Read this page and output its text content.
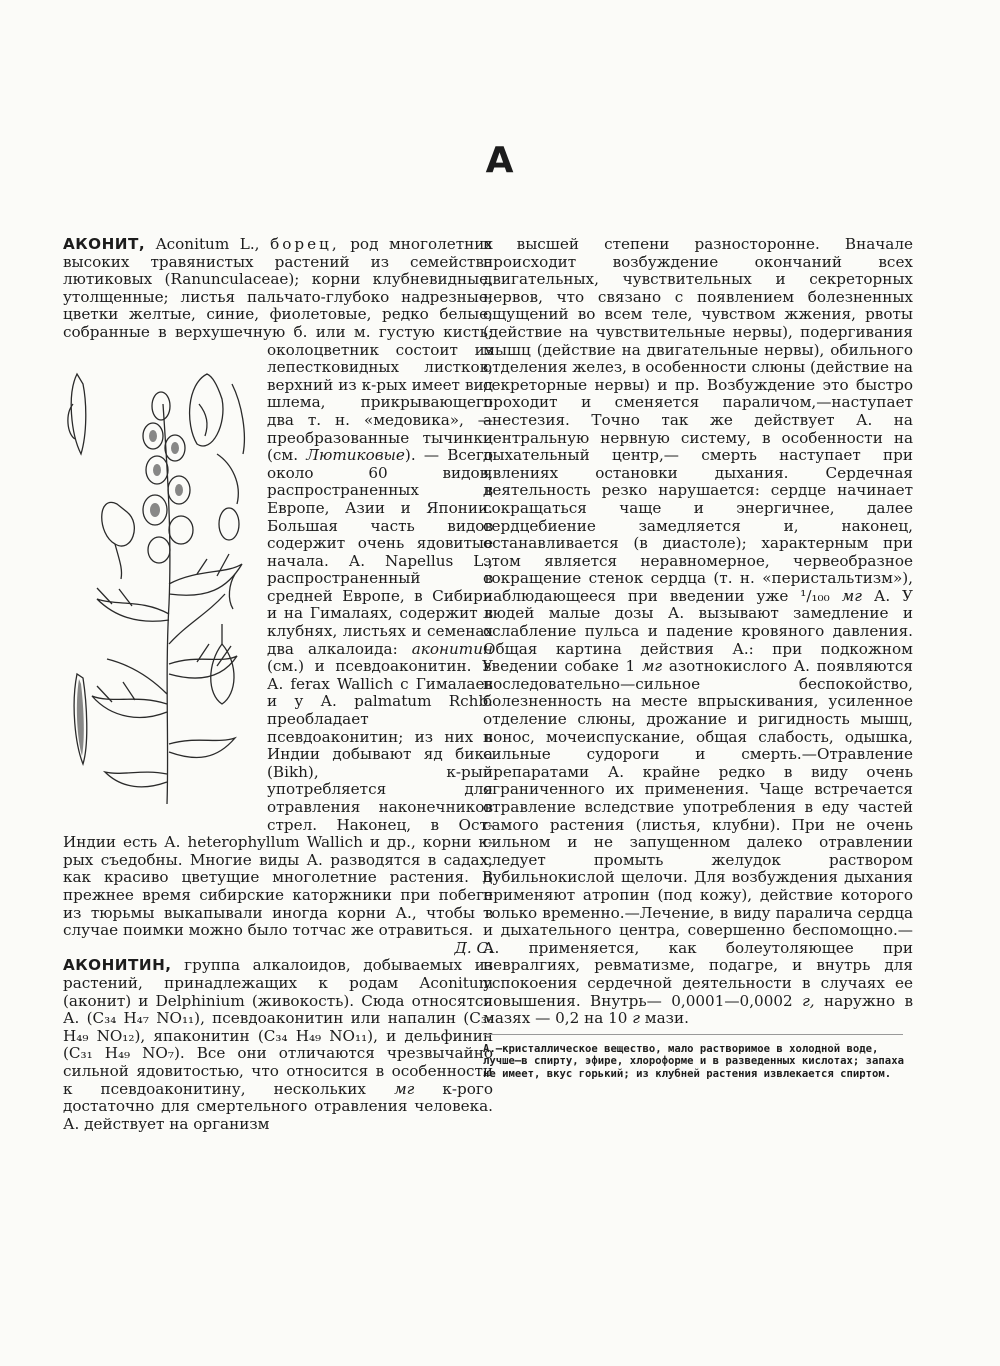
А

АКОНИТ, Aconitum L., борец, род многолетних высоких травянистых растений из семейства лютиковых (Ranunculaceae); корни клубневидные, утолщенные; листья пальчато-глубоко надрезные; цветки желтые, синие, фиолетовые, редко белые, собранные в верхушечную б. или м. густую кисть;
околоцветник состоит из лепестковидных листков, верхний из к-рых имеет вид шлема, прикрывающего два т. н. «медовика», — преобразованные тычинки (см. Лютиковые). — Всего около 60 видов, распространенных в Европе, Азии и Японии. Большая часть видов содержит очень ядовитые начала. А. Napellus L., распространенный в средней Европе, в Сибири и на Гималаях, содержит в клубнях, листьях и семенах два алкалоида: аконитин (см.) и псевдоаконитин. У А. ferax Wallich с Гималаев и у А. palmatum Rchb. преобладает псевдоаконитин; из них в Индии добывают яд бика (Bikh), к-рый употребляется для отравления наконечников стрел. Наконец, в Ост-Индии есть А. heterophyllum Wallich и др., корни к-рых съедобны. Многие виды А. разводятся в садах, как красиво цветущие многолетние растения. В прежнее время сибирские каторжники при побеге из тюрьмы выкапывали иногда корни А., чтобы в случае поимки можно было тотчас же отравиться.
Д. С.

АКОНИТИН, группа алкалоидов, добываемых из растений, принадлежащих к родам Aconitum (аконит) и Delphinium (живокость). Сюда относятся А. (C₃₄ H₄₇ NO₁₁), псевдоаконитин или напалин (C₃₆ H₄₉ NO₁₂), япаконитин (C₃₄ H₄₉ NO₁₁), и дельфинин (C₃₁ H₄₉ NO₇). Все они отличаются чрезвычайно сильной ядовитостью, что относится в особенности к псевдоаконитину, нескольких мг к-рого достаточно для смертельного отравления человека. А. действует на организм

в высшей степени разносторонне. Вначале происходит возбуждение окончаний всех двигательных, чувствительных и секреторных нервов, что связано с появлением болезненных ощущений во всем теле, чувством жжения, рвоты (действие на чувствительные нервы), подергивания мышц (действие на двигательные нервы), обильного отделения желез, в особенности слюны (действие на секреторные нервы) и пр. Возбуждение это быстро проходит и сменяется параличом,—наступает анестезия. Точно так же действует А. на центральную нервную систему, в особенности на дыхательный центр,— смерть наступает при явлениях остановки дыхания. Сердечная деятельность резко нарушается: сердце начинает сокращаться чаще и энергичнее, далее сердцебиение замедляется и, наконец, останавливается (в диастоле); характерным при этом является неравномерное, червеобразное сокращение стенок сердца (т. н. «перистальтизм»), наблюдающееся при введении уже ¹/₁₀₀ мг А. У людей малые дозы А. вызывают замедление и ослабление пульса и падение кровяного давления. Общая картина действия А.: при подкожном введении собаке 1 мг азотнокислого А. появляются последовательно—сильное беспокойство, болезненность на месте впрыскивания, усиленное отделение слюны, дрожание и ригидность мышц, понос, мочеиспускание, общая слабость, одышка, сильные судороги и смерть.—Отравление препаратами А. крайне редко в виду очень ограниченного их применения. Чаще встречается отравление вследствие употребления в еду частей самого растения (листья, клубни). При не очень сильном и не запущенном далеко отравлении следует промыть желудок раствором дубильнокислой щелочи. Для возбуждения дыхания применяют атропин (под кожу), действие которого только временно.—Лечение, в виду паралича сердца и дыхательного центра, совершенно беспомощно.—А. применяется, как болеутоляющее при невралгиях, ревматизме, подагре, и внутрь для успокоения сердечной деятельности в случаях ее повышения. Внутрь— 0,0001—0,0002 г, наружно в мазях — 0,2 на 10 г мази.

А.—кристаллическое вещество, мало растворимое в холодной воде, лучше—в спирту, эфире, хлороформе и в разведенных кислотах; запаха не имеет, вкус горький; из клубней растения извлекается спиртом.
